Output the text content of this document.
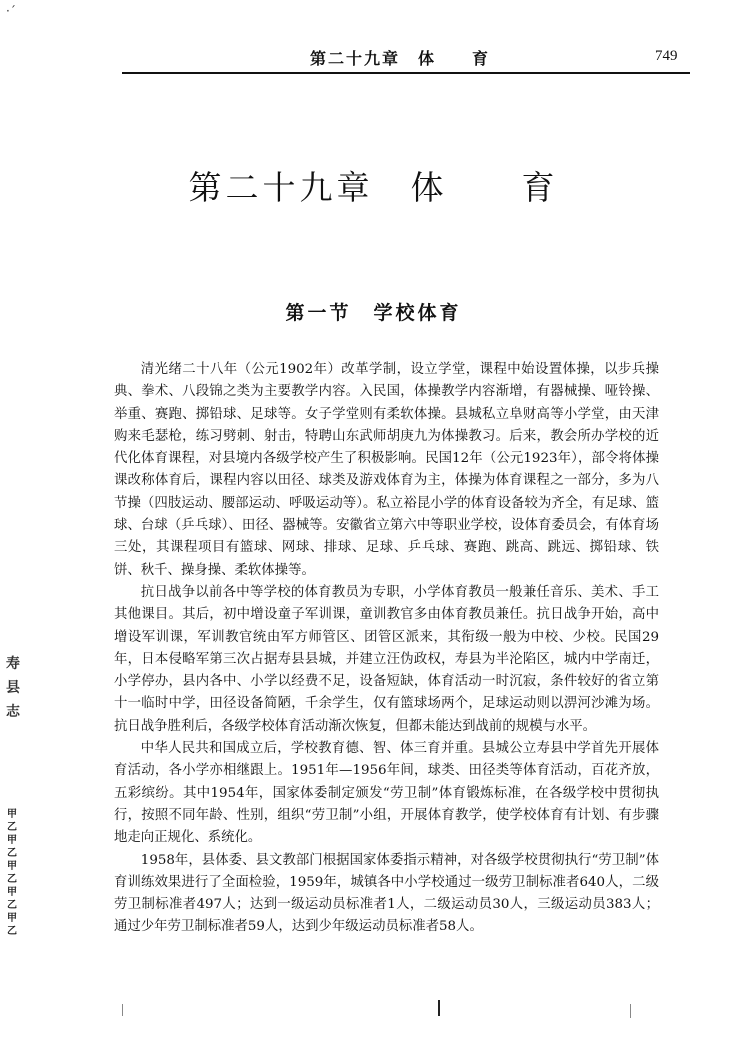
·ˊ
第二十九章　体　　育	749
第二十九章　体　　育
第一节　学校体育

清光绪二十八年（公元1902年）改革学制，设立学堂，课程中始设置体操，以步兵操典、拳术、八段锦之类为主要教学内容。入民国，体操教学内容渐增，有器械操、哑铃操、举重、赛跑、掷铅球、足球等。女子学堂则有柔软体操。县城私立阜财高等小学堂，由天津购来毛瑟枪，练习劈刺、射击，特聘山东武师胡庚九为体操教习。后来，教会所办学校的近代化体育课程，对县境内各级学校产生了积极影响。民国12年（公元1923年），部令将体操课改称体育后，课程内容以田径、球类及游戏体育为主，体操为体育课程之一部分，多为八节操（四肢运动、腰部运动、呼吸运动等）。私立裕昆小学的体育设备较为齐全，有足球、篮球、台球（乒乓球）、田径、器械等。安徽省立第六中等职业学校，设体育委员会，有体育场三处，其课程项目有篮球、网球、排球、足球、乒乓球、赛跑、跳高、跳远、掷铅球、铁饼、秋千、操身操、柔软体操等。

抗日战争以前各中等学校的体育教员为专职，小学体育教员一般兼任音乐、美术、手工其他课目。其后，初中增设童子军训课，童训教官多由体育教员兼任。抗日战争开始，高中增设军训课，军训教官统由军方师管区、团管区派来，其衔级一般为中校、少校。民国29年，日本侵略军第三次占据寿县县城，并建立汪伪政权，寿县为半沦陷区，城内中学南迁，小学停办，县内各中、小学以经费不足，设备短缺，体育活动一时沉寂，条件较好的省立第十一临时中学，田径设备简陋，千余学生，仅有篮球场两个，足球运动则以淠河沙滩为场。抗日战争胜利后，各级学校体育活动渐次恢复，但都未能达到战前的规模与水平。

中华人民共和国成立后，学校教育德、智、体三育并重。县城公立寿县中学首先开展体育活动，各小学亦相继跟上。1951年—1956年间，球类、田径类等体育活动，百花齐放，五彩缤纷。其中1954年，国家体委制定颁发“劳卫制”体育锻炼标准，在各级学校中贯彻执行，按照不同年龄、性别，组织“劳卫制”小组，开展体育教学，使学校体育有计划、有步骤地走向正规化、系统化。

1958年，县体委、县文教部门根据国家体委指示精神，对各级学校贯彻执行“劳卫制”体育训练效果进行了全面检验，1959年，城镇各中小学校通过一级劳卫制标准者640人，二级劳卫制标准者497人；达到一级运动员标准者1人，二级运动员30人，三级运动员383人；通过少年劳卫制标准者59人，达到少年级运动员标准者58人。

寿县志
甲乙甲乙甲乙甲乙甲乙
